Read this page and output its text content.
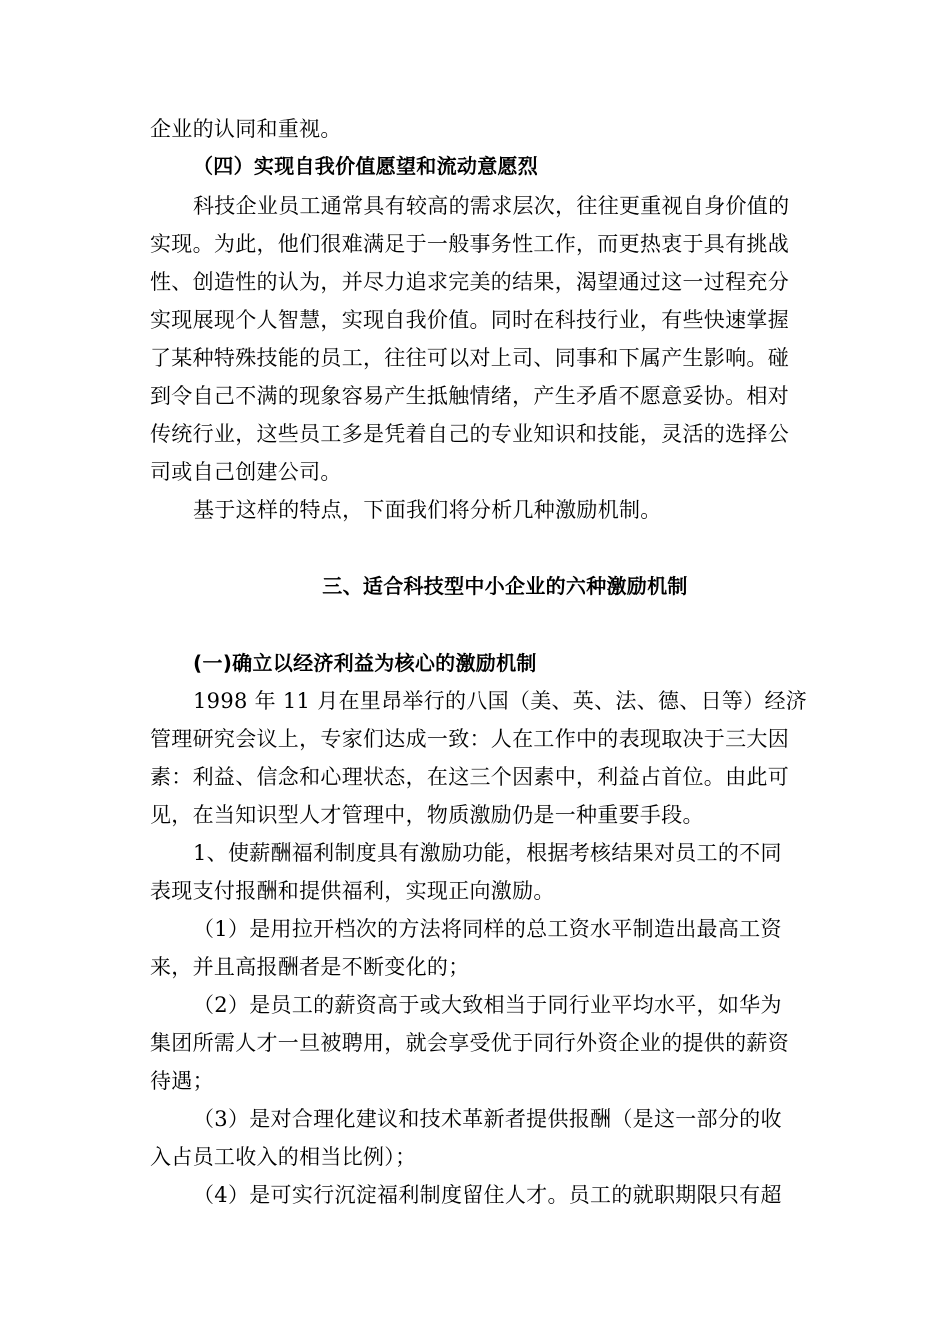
企业的认同和重视。
（四）实现自我价值愿望和流动意愿烈
科技企业员工通常具有较高的需求层次，往往更重视自身价值的
实现。为此，他们很难满足于一般事务性工作，而更热衷于具有挑战
性、创造性的认为，并尽力追求完美的结果，渴望通过这一过程充分
实现展现个人智慧，实现自我价值。同时在科技行业，有些快速掌握
了某种特殊技能的员工，往往可以对上司、同事和下属产生影响。碰
到令自己不满的现象容易产生抵触情绪，产生矛盾不愿意妥协。相对
传统行业，这些员工多是凭着自己的专业知识和技能，灵活的选择公
司或自己创建公司。
基于这样的特点，下面我们将分析几种激励机制。
三、适合科技型中小企业的六种激励机制
(一)确立以经济利益为核心的激励机制
1998 年 11 月在里昂举行的八国（美、英、法、德、日等）经济
管理研究会议上，专家们达成一致：人在工作中的表现取决于三大因
素：利益、信念和心理状态，在这三个因素中，利益占首位。由此可
见，在当知识型人才管理中，物质激励仍是一种重要手段。
1、使薪酬福利制度具有激励功能，根据考核结果对员工的不同
表现支付报酬和提供福利，实现正向激励。
（1）是用拉开档次的方法将同样的总工资水平制造出最高工资
来，并且高报酬者是不断变化的；
（2）是员工的薪资高于或大致相当于同行业平均水平，如华为
集团所需人才一旦被聘用，就会享受优于同行外资企业的提供的薪资
待遇；
（3）是对合理化建议和技术革新者提供报酬（是这一部分的收
入占员工收入的相当比例）；
（4）是可实行沉淀福利制度留住人才。员工的就职期限只有超
